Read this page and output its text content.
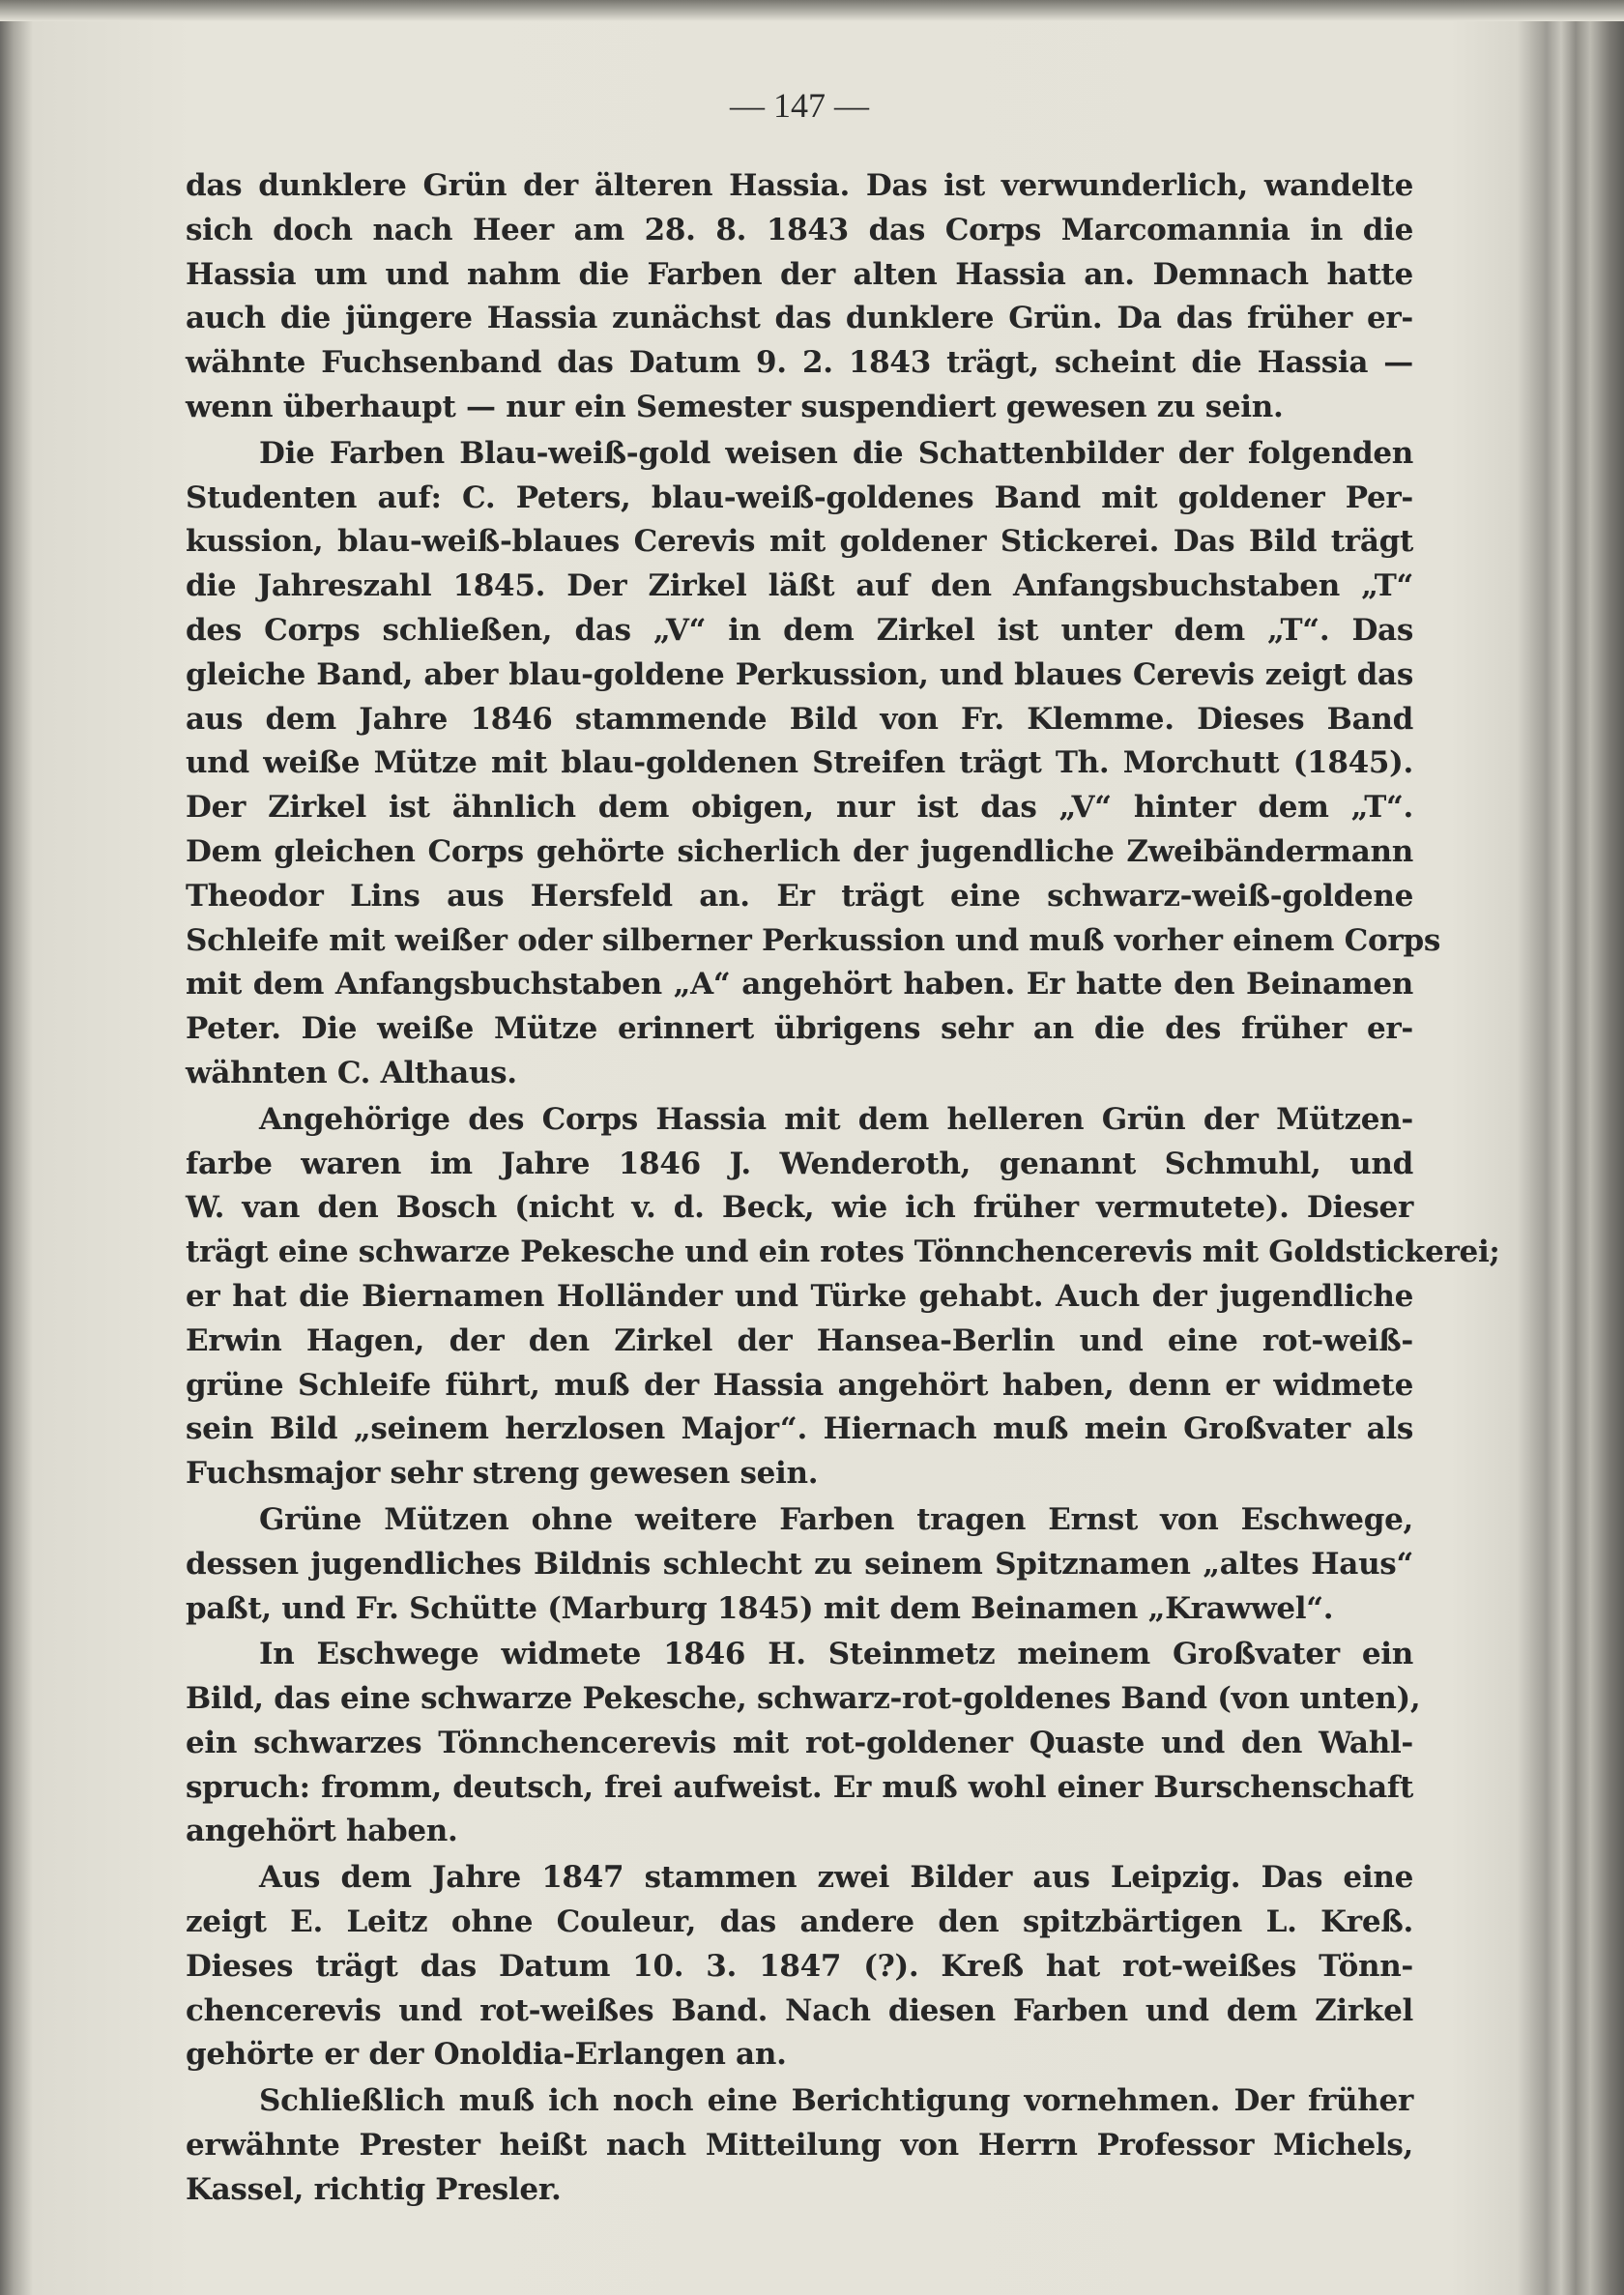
— 147 —
das dunklere Grün der älteren Hassia. Das ist verwunderlich, wandelte
sich doch nach Heer am 28. 8. 1843 das Corps Marcomannia in die
Hassia um und nahm die Farben der alten Hassia an. Demnach hatte
auch die jüngere Hassia zunächst das dunklere Grün. Da das früher er-
wähnte Fuchsenband das Datum 9. 2. 1843 trägt, scheint die Hassia —
wenn überhaupt — nur ein Semester suspendiert gewesen zu sein.
Die Farben Blau-weiß-gold weisen die Schattenbilder der folgenden
Studenten auf: C. Peters, blau-weiß-goldenes Band mit goldener Per-
kussion, blau-weiß-blaues Cerevis mit goldener Stickerei. Das Bild trägt
die Jahreszahl 1845. Der Zirkel läßt auf den Anfangsbuchstaben „T“
des Corps schließen, das „V“ in dem Zirkel ist unter dem „T“. Das
gleiche Band, aber blau-goldene Perkussion, und blaues Cerevis zeigt das
aus dem Jahre 1846 stammende Bild von Fr. Klemme. Dieses Band
und weiße Mütze mit blau-goldenen Streifen trägt Th. Morchutt (1845).
Der Zirkel ist ähnlich dem obigen, nur ist das „V“ hinter dem „T“.
Dem gleichen Corps gehörte sicherlich der jugendliche Zweibändermann
Theodor Lins aus Hersfeld an. Er trägt eine schwarz-weiß-goldene
Schleife mit weißer oder silberner Perkussion und muß vorher einem Corps
mit dem Anfangsbuchstaben „A“ angehört haben. Er hatte den Beinamen
Peter. Die weiße Mütze erinnert übrigens sehr an die des früher er-
wähnten C. Althaus.
Angehörige des Corps Hassia mit dem helleren Grün der Mützen-
farbe waren im Jahre 1846 J. Wenderoth, genannt Schmuhl, und
W. van den Bosch (nicht v. d. Beck, wie ich früher vermutete). Dieser
trägt eine schwarze Pekesche und ein rotes Tönnchencerevis mit Goldstickerei;
er hat die Biernamen Holländer und Türke gehabt. Auch der jugendliche
Erwin Hagen, der den Zirkel der Hansea-Berlin und eine rot-weiß-
grüne Schleife führt, muß der Hassia angehört haben, denn er widmete
sein Bild „seinem herzlosen Major“. Hiernach muß mein Großvater als
Fuchsmajor sehr streng gewesen sein.
Grüne Mützen ohne weitere Farben tragen Ernst von Eschwege,
dessen jugendliches Bildnis schlecht zu seinem Spitznamen „altes Haus“
paßt, und Fr. Schütte (Marburg 1845) mit dem Beinamen „Krawwel“.
In Eschwege widmete 1846 H. Steinmetz meinem Großvater ein
Bild, das eine schwarze Pekesche, schwarz-rot-goldenes Band (von unten),
ein schwarzes Tönnchencerevis mit rot-goldener Quaste und den Wahl-
spruch: fromm, deutsch, frei aufweist. Er muß wohl einer Burschenschaft
angehört haben.
Aus dem Jahre 1847 stammen zwei Bilder aus Leipzig. Das eine
zeigt E. Leitz ohne Couleur, das andere den spitzbärtigen L. Kreß.
Dieses trägt das Datum 10. 3. 1847 (?). Kreß hat rot-weißes Tönn-
chencerevis und rot-weißes Band. Nach diesen Farben und dem Zirkel
gehörte er der Onoldia-Erlangen an.
Schließlich muß ich noch eine Berichtigung vornehmen. Der früher
erwähnte Prester heißt nach Mitteilung von Herrn Professor Michels,
Kassel, richtig Presler.
